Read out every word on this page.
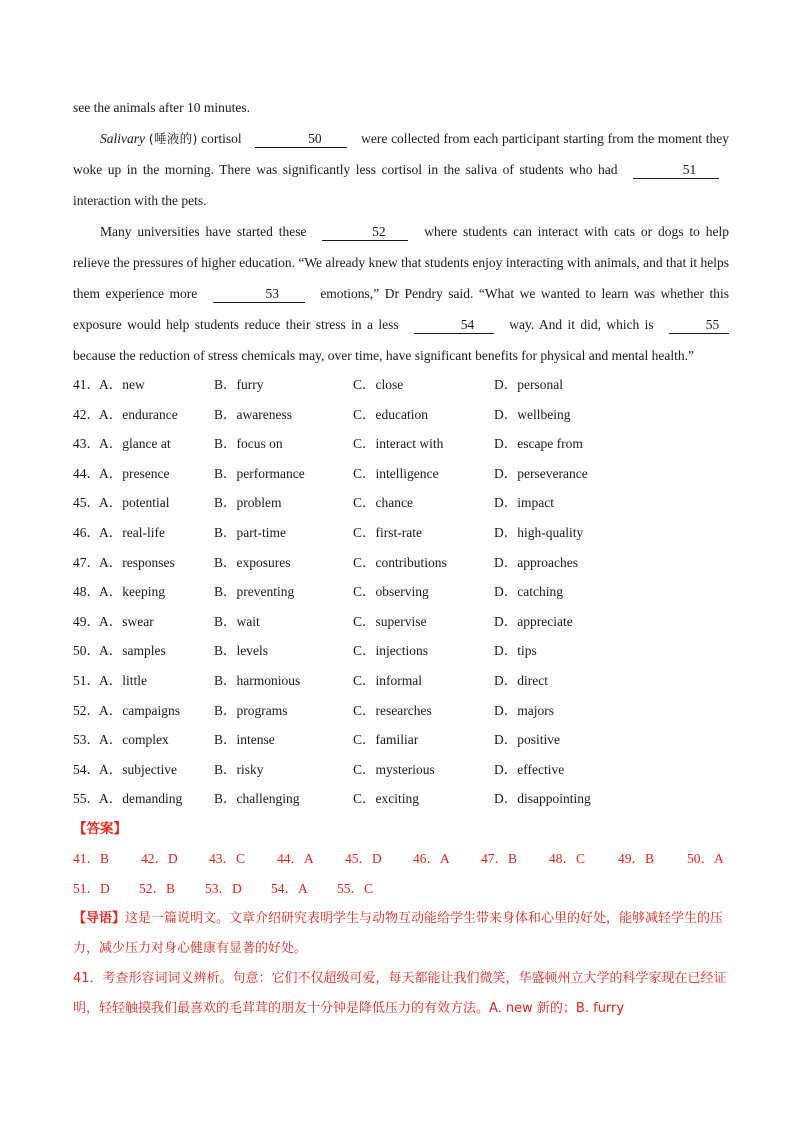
see the animals after 10 minutes.

Salivary (唾液的) cortisol	50	were collected from each participant starting from the moment they woke up in the morning. There was significantly less cortisol in the saliva of students who had	51 interaction with the pets.

Many universities have started these	52	where students can interact with cats or dogs to help relieve the pressures of higher education. “We already knew that students enjoy interacting with animals, and that it helps them experience more	53	emotions,” Dr Pendry said. “What we wanted to learn was whether this exposure would help students reduce their stress in a less	54	way. And it did, which is	55 because the reduction of stress chemicals may, over time, have significant benefits for physical and mental health.”

41． A．new	B．furry	C．close	D．personal
42． A．endurance	B．awareness	C．education	D．wellbeing
43． A．glance at	B．focus on	C．interact with	D．escape from
44． A．presence	B．performance	C．intelligence	D．perseverance
45． A．potential	B．problem	C．chance	D．impact
46． A．real-life	B．part-time	C．first-rate	D．high-quality
47． A．responses	B．exposures	C．contributions	D．approaches
48． A．keeping	B．preventing	C．observing	D．catching
49． A．swear	B．wait	C．supervise	D．appreciate
50． A．samples	B．levels	C．injections	D．tips
51． A．little	B．harmonious	C．informal	D．direct
52． A．campaigns	B．programs	C．researches	D．majors
53． A．complex	B．intense	C．familiar	D．positive
54． A．subjective	B．risky	C．mysterious	D．effective
55． A．demanding B．challenging	C．exciting	D．disappointing
【答案】
41．B 42．D 43．C 44．A 45．D 46．A 47．B 48．C 49．B 50．A
51．D 52．B 53．D 54．A 55．C

【导语】这是一篇说明文。文章介绍研究表明学生与动物互动能给学生带来身体和心里的好处，能够减轻学生的压力，减少压力对身心健康有显著的好处。

41．考查形容词词义辨析。句意：它们不仅超级可爱，每天都能让我们微笑，华盛顿州立大学的科学家现在已经证明，轻轻触摸我们最喜欢的毛茸茸的朋友十分钟是降低压力的有效方法。A. new 新的；B. furry
